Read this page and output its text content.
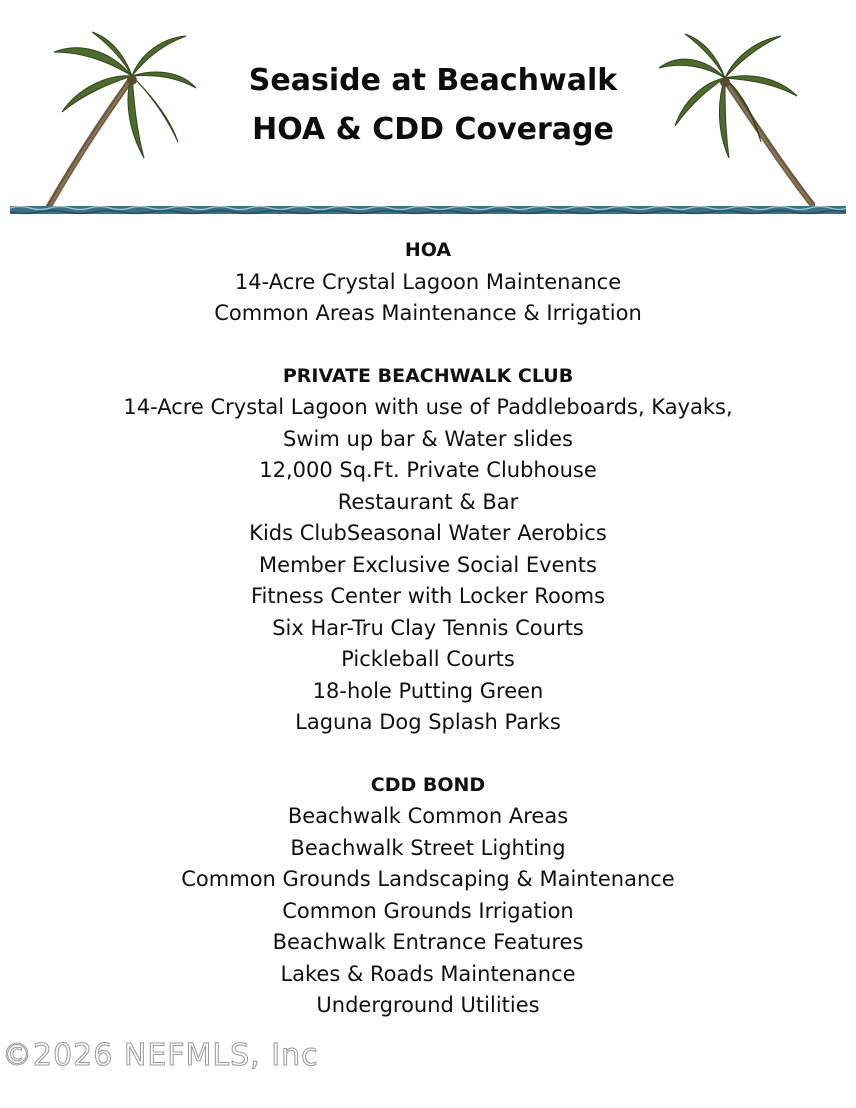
Seaside at Beachwalk
HOA & CDD Coverage

HOA

14-Acre Crystal Lagoon Maintenance

Common Areas Maintenance & Irrigation

PRIVATE BEACHWALK CLUB

14-Acre Crystal Lagoon with use of Paddleboards, Kayaks,

Swim up bar & Water slides

12,000 Sq.Ft. Private Clubhouse

Restaurant & Bar

Kids ClubSeasonal Water Aerobics

Member Exclusive Social Events

Fitness Center with Locker Rooms

Six Har-Tru Clay Tennis Courts

Pickleball Courts

18-hole Putting Green

Laguna Dog Splash Parks

CDD BOND

Beachwalk Common Areas

Beachwalk Street Lighting

Common Grounds Landscaping & Maintenance

Common Grounds Irrigation

Beachwalk Entrance Features

Lakes & Roads Maintenance

Underground Utilities

©2026 NEFMLS, Inc
